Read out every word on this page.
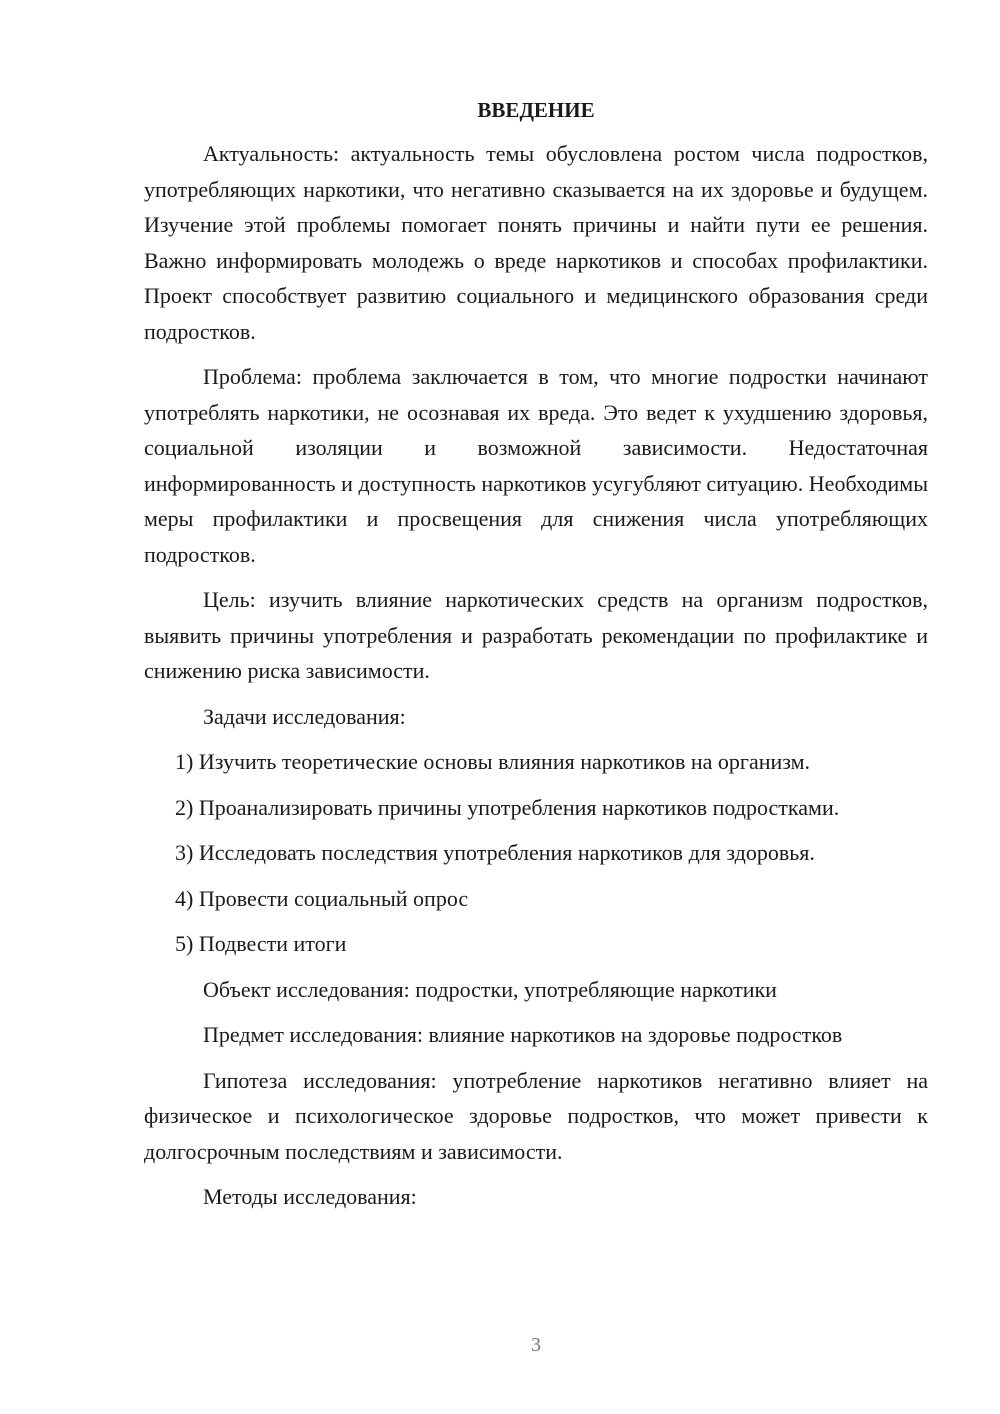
ВВЕДЕНИЕ

Актуальность: актуальность темы обусловлена ростом числа подростков, употребляющих наркотики, что негативно сказывается на их здоровье и будущем. Изучение этой проблемы помогает понять причины и найти пути ее решения. Важно информировать молодежь о вреде наркотиков и способах профилактики. Проект способствует развитию социального и медицинского образования среди подростков.

Проблема: проблема заключается в том, что многие подростки начинают употреблять наркотики, не осознавая их вреда. Это ведет к ухудшению здоровья, социальной изоляции и возможной зависимости. Недостаточная информированность и доступность наркотиков усугубляют ситуацию. Необходимы меры профилактики и просвещения для снижения числа употребляющих подростков.

Цель: изучить влияние наркотических средств на организм подростков, выявить причины употребления и разработать рекомендации по профилактике и снижению риска зависимости.

Задачи исследования:

1) Изучить теоретические основы влияния наркотиков на организм.

2) Проанализировать причины употребления наркотиков подростками.

3) Исследовать последствия употребления наркотиков для здоровья.

4) Провести социальный опрос

5) Подвести итоги

Объект исследования: подростки, употребляющие наркотики

Предмет исследования: влияние наркотиков на здоровье подростков

Гипотеза исследования: употребление наркотиков негативно влияет на физическое и психологическое здоровье подростков, что может привести к долгосрочным последствиям и зависимости.

Методы исследования:

3
